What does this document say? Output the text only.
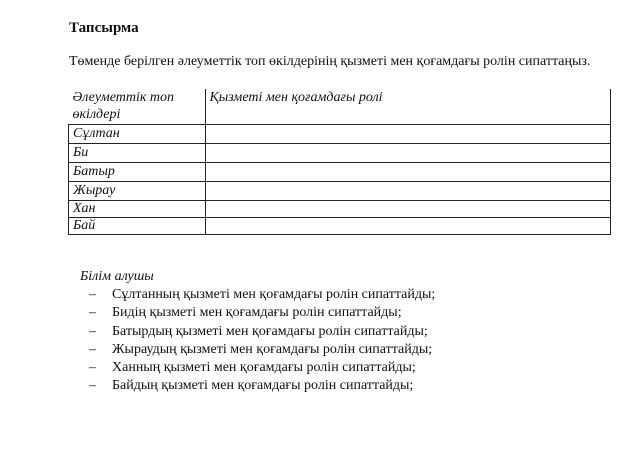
Тапсырма

Төменде берілген әлеуметтік топ өкілдерінің қызметі мен қоғамдағы ролін сипаттаңыз.

Әлеуметтік топ өкілдері	Қызметі мен қоғамдағы ролі
Сұлтан	
Би	
Батыр	
Жырау	
Хан	
Бай	

Білім алушы

– Сұлтанның қызметі мен қоғамдағы ролін сипаттайды;
– Бидің қызметі мен қоғамдағы ролін сипаттайды;
– Батырдың қызметі мен қоғамдағы ролін сипаттайды;
– Жыраудың қызметі мен қоғамдағы ролін сипаттайды;
– Ханның қызметі мен қоғамдағы ролін сипаттайды;
– Байдың қызметі мен қоғамдағы ролін сипаттайды;
